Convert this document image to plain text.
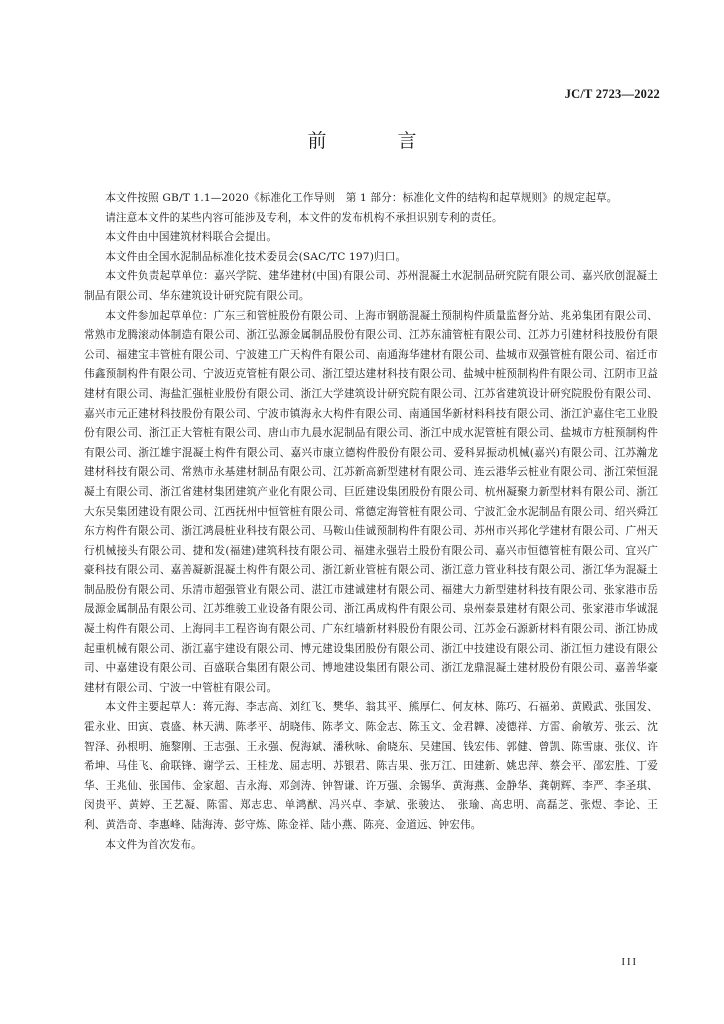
JC/T 2723—2022
前　言

本文件按照 GB/T 1.1—2020《标准化工作导则　第 1 部分：标准化文件的结构和起草规则》的规定起草。

请注意本文件的某些内容可能涉及专利，本文件的发布机构不承担识别专利的责任。

本文件由中国建筑材料联合会提出。

本文件由全国水泥制品标准化技术委员会(SAC/TC 197)归口。

本文件负责起草单位：嘉兴学院、建华建材(中国)有限公司、苏州混凝土水泥制品研究院有限公司、嘉兴欣创混凝土制品有限公司、华东建筑设计研究院有限公司。

本文件参加起草单位：广东三和管桩股份有限公司、上海市钢筋混凝土预制构件质量监督分站、兆弟集团有限公司、常熟市龙腾滚动体制造有限公司、浙江弘源金属制品股份有限公司、江苏东浦管桩有限公司、江苏力引建材科技股份有限公司、福建宝丰管桩有限公司、宁波建工广天构件有限公司、南通海华建材有限公司、盐城市双强管桩有限公司、宿迁市伟鑫预制构件有限公司、宁波迈克管桩有限公司、浙江望达建材科技有限公司、盐城中桩预制构件有限公司、江阴市卫益建材有限公司、海盐汇强桩业股份有限公司、浙江大学建筑设计研究院有限公司、江苏省建筑设计研究院股份有限公司、嘉兴市元正建材科技股份有限公司、宁波市镇海永大构件有限公司、南通国华新材料科技有限公司、浙江沪嘉住宅工业股份有限公司、浙江正大管桩有限公司、唐山市九晨水泥制品有限公司、浙江中成水泥管桩有限公司、盐城市方桩预制构件有限公司、浙江雄宇混凝土构件有限公司、嘉兴市康立德构件股份有限公司、爱科昇振动机械(嘉兴)有限公司、江苏瀚龙建材科技有限公司、常熟市永基建材制品有限公司、江苏新高新型建材有限公司、连云港华云桩业有限公司、浙江荣恒混凝土有限公司、浙江省建材集团建筑产业化有限公司、巨匠建设集团股份有限公司、杭州凝聚力新型材料有限公司、浙江大东吴集团建设有限公司、江西抚州中恒管桩有限公司、常德定海管桩有限公司、宁波汇金水泥制品有限公司、绍兴舜江东方构件有限公司、浙江鸿晨桩业科技有限公司、马鞍山佳诚预制构件有限公司、苏州市兴邦化学建材有限公司、广州天行机械接头有限公司、捷和发(福建)建筑科技有限公司、福建永强岩土股份有限公司、嘉兴市恒德管桩有限公司、宜兴广豪科技有限公司、嘉善凝新混凝土构件有限公司、浙江新业管桩有限公司、浙江意力管业科技有限公司、浙江华为混凝土制品股份有限公司、乐清市超强管业有限公司、湛江市建诚建材有限公司、福建大力新型建材科技有限公司、张家港市岳晟源金属制品有限公司、江苏维骏工业设备有限公司、浙江禹成构件有限公司、泉州泰景建材有限公司、张家港市华诚混凝土构件有限公司、上海同丰工程咨询有限公司、广东红墙新材料股份有限公司、江苏金石源新材料有限公司、浙江协成起重机械有限公司、浙江嘉宇建设有限公司、博元建设集团股份有限公司、浙江中技建设有限公司、浙江恒力建设有限公司、中嘉建设有限公司、百盛联合集团有限公司、博地建设集团有限公司、浙江龙鼎混凝土建材股份有限公司、嘉善华豪建材有限公司、宁波一中管桩有限公司。

本文件主要起草人：蒋元海、李志高、刘红飞、樊华、翁其平、熊厚仁、何友林、陈巧、石福弟、黄殿武、张国发、霍永业、田寅、袁盛、林天满、陈孝平、胡晓伟、陈孝文、陈金志、陈玉文、金君韡、凌德祥、方雷、俞敏芳、张云、沈智泽、孙根明、施黎刚、王志强、王永强、倪海斌、潘秋咏、俞晓东、吴建国、钱宏伟、郭健、曾凯、陈雪康、张仪、许希坤、马佳飞、俞联锋、谢学云、王桂龙、屈志明、苏银君、陈吉果、张万江、田建新、姚忠萍、蔡会平、邵宏胜、丁爱华、王兆仙、张国伟、金家超、吉永海、邓剑涛、钟智谦、许万强、余锡华、黄海燕、金静华、龚朝辉、李严、李圣琪、闵贵平、黄婷、王艺凝、陈雷、郑志忠、单鸿猷、冯兴卓、李斌、张骏达、　张瑜、高忠明、高磊芝、张煜、李论、王利、黄浩奇、李惠峰、陆海涛、彭守炼、陈金祥、陆小燕、陈亮、金道远、钟宏伟。

本文件为首次发布。

III
